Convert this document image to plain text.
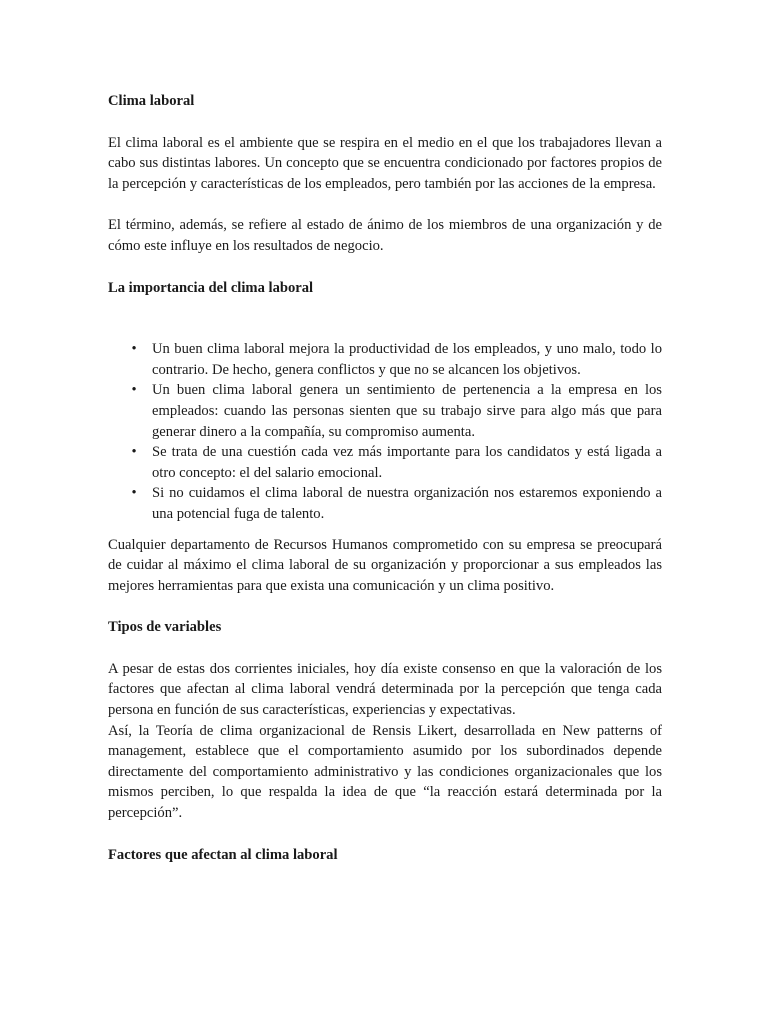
Clima laboral

El clima laboral es el ambiente que se respira en el medio en el que los trabajadores llevan a cabo sus distintas labores. Un concepto que se encuentra condicionado por factores propios de la percepción y características de los empleados, pero también por las acciones de la empresa.

El término, además, se refiere al estado de ánimo de los miembros de una organización y de cómo este influye en los resultados de negocio.

La importancia del clima laboral
• Un buen clima laboral mejora la productividad de los empleados, y uno malo, todo lo contrario. De hecho, genera conflictos y que no se alcancen los objetivos.
• Un buen clima laboral genera un sentimiento de pertenencia a la empresa en los empleados: cuando las personas sienten que su trabajo sirve para algo más que para generar dinero a la compañía, su compromiso aumenta.
• Se trata de una cuestión cada vez más importante para los candidatos y está ligada a otro concepto: el del salario emocional.
• Si no cuidamos el clima laboral de nuestra organización nos estaremos exponiendo a una potencial fuga de talento.

Cualquier departamento de Recursos Humanos comprometido con su empresa se preocupará de cuidar al máximo el clima laboral de su organización y proporcionar a sus empleados las mejores herramientas para que exista una comunicación y un clima positivo.

Tipos de variables

A pesar de estas dos corrientes iniciales, hoy día existe consenso en que la valoración de los factores que afectan al clima laboral vendrá determinada por la percepción que tenga cada persona en función de sus características, experiencias y expectativas.

Así, la Teoría de clima organizacional de Rensis Likert, desarrollada en New patterns of management, establece que el comportamiento asumido por los subordinados depende directamente del comportamiento administrativo y las condiciones organizacionales que los mismos perciben, lo que respalda la idea de que “la reacción estará determinada por la percepción”.

Factores que afectan al clima laboral
